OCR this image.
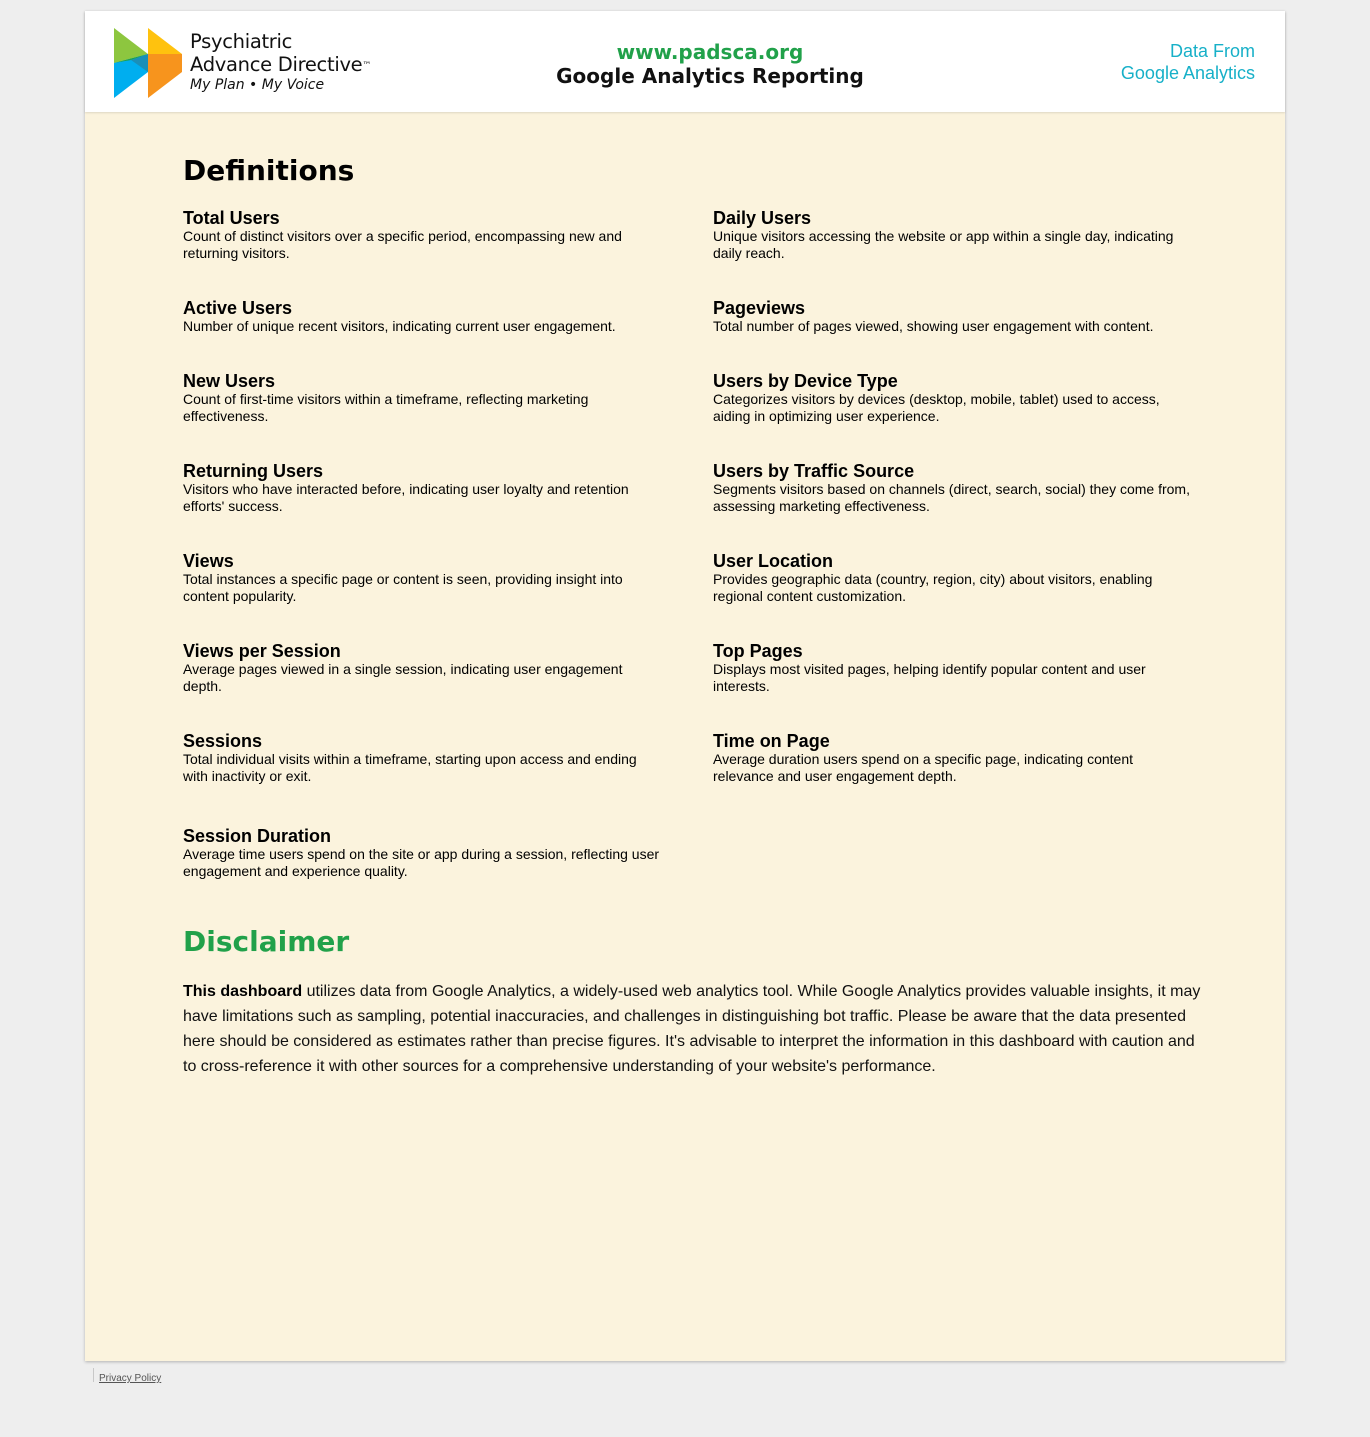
Psychiatric
Advance Directive™
My Plan • My Voice
www.padsca.org
Google Analytics Reporting
Data From
Google Analytics
Definitions
Total Users
Count of distinct visitors over a specific period, encompassing new and returning visitors.
Active Users
Number of unique recent visitors, indicating current user engagement.
New Users
Count of first-time visitors within a timeframe, reflecting marketing effectiveness.
Returning Users
Visitors who have interacted before, indicating user loyalty and retention efforts' success.
Views
Total instances a specific page or content is seen, providing insight into content popularity.
Views per Session
Average pages viewed in a single session, indicating user engagement depth.
Sessions
Total individual visits within a timeframe, starting upon access and ending with inactivity or exit.
Session Duration
Average time users spend on the site or app during a session, reflecting user engagement and experience quality.
Daily Users
Unique visitors accessing the website or app within a single day, indicating daily reach.
Pageviews
Total number of pages viewed, showing user engagement with content.
Users by Device Type
Categorizes visitors by devices (desktop, mobile, tablet) used to access, aiding in optimizing user experience.
Users by Traffic Source
Segments visitors based on channels (direct, search, social) they come from, assessing marketing effectiveness.
User Location
Provides geographic data (country, region, city) about visitors, enabling regional content customization.
Top Pages
Displays most visited pages, helping identify popular content and user interests.
Time on Page
Average duration users spend on a specific page, indicating content relevance and user engagement depth.
Disclaimer

This dashboard utilizes data from Google Analytics, a widely-used web analytics tool. While Google Analytics provides valuable insights, it may have limitations such as sampling, potential inaccuracies, and challenges in distinguishing bot traffic. Please be aware that the data presented here should be considered as estimates rather than precise figures. It's advisable to interpret the information in this dashboard with caution and to cross-reference it with other sources for a comprehensive understanding of your website's performance.

Privacy Policy
